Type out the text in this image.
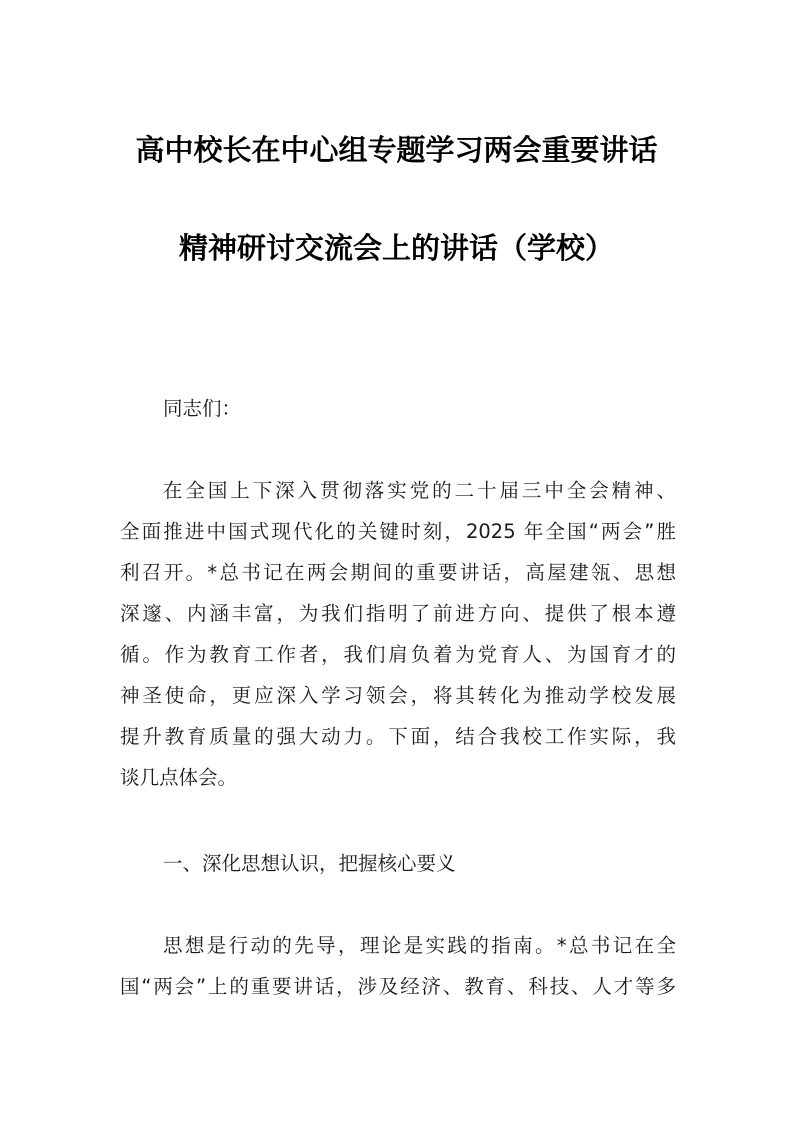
高中校长在中心组专题学习两会重要讲话
精神研讨交流会上的讲话（学校）
同志们：
在全国上下深入贯彻落实党的二十届三中全会精神、
全面推进中国式现代化的关键时刻，2025 年全国“两会”胜
利召开。*总书记在两会期间的重要讲话，高屋建瓴、思想
深邃、内涵丰富，为我们指明了前进方向、提供了根本遵
循。作为教育工作者，我们肩负着为党育人、为国育才的
神圣使命，更应深入学习领会，将其转化为推动学校发展
提升教育质量的强大动力。下面，结合我校工作实际，我
谈几点体会。
一、深化思想认识，把握核心要义
思想是行动的先导，理论是实践的指南。*总书记在全
国“两会”上的重要讲话，涉及经济、教育、科技、人才等多
